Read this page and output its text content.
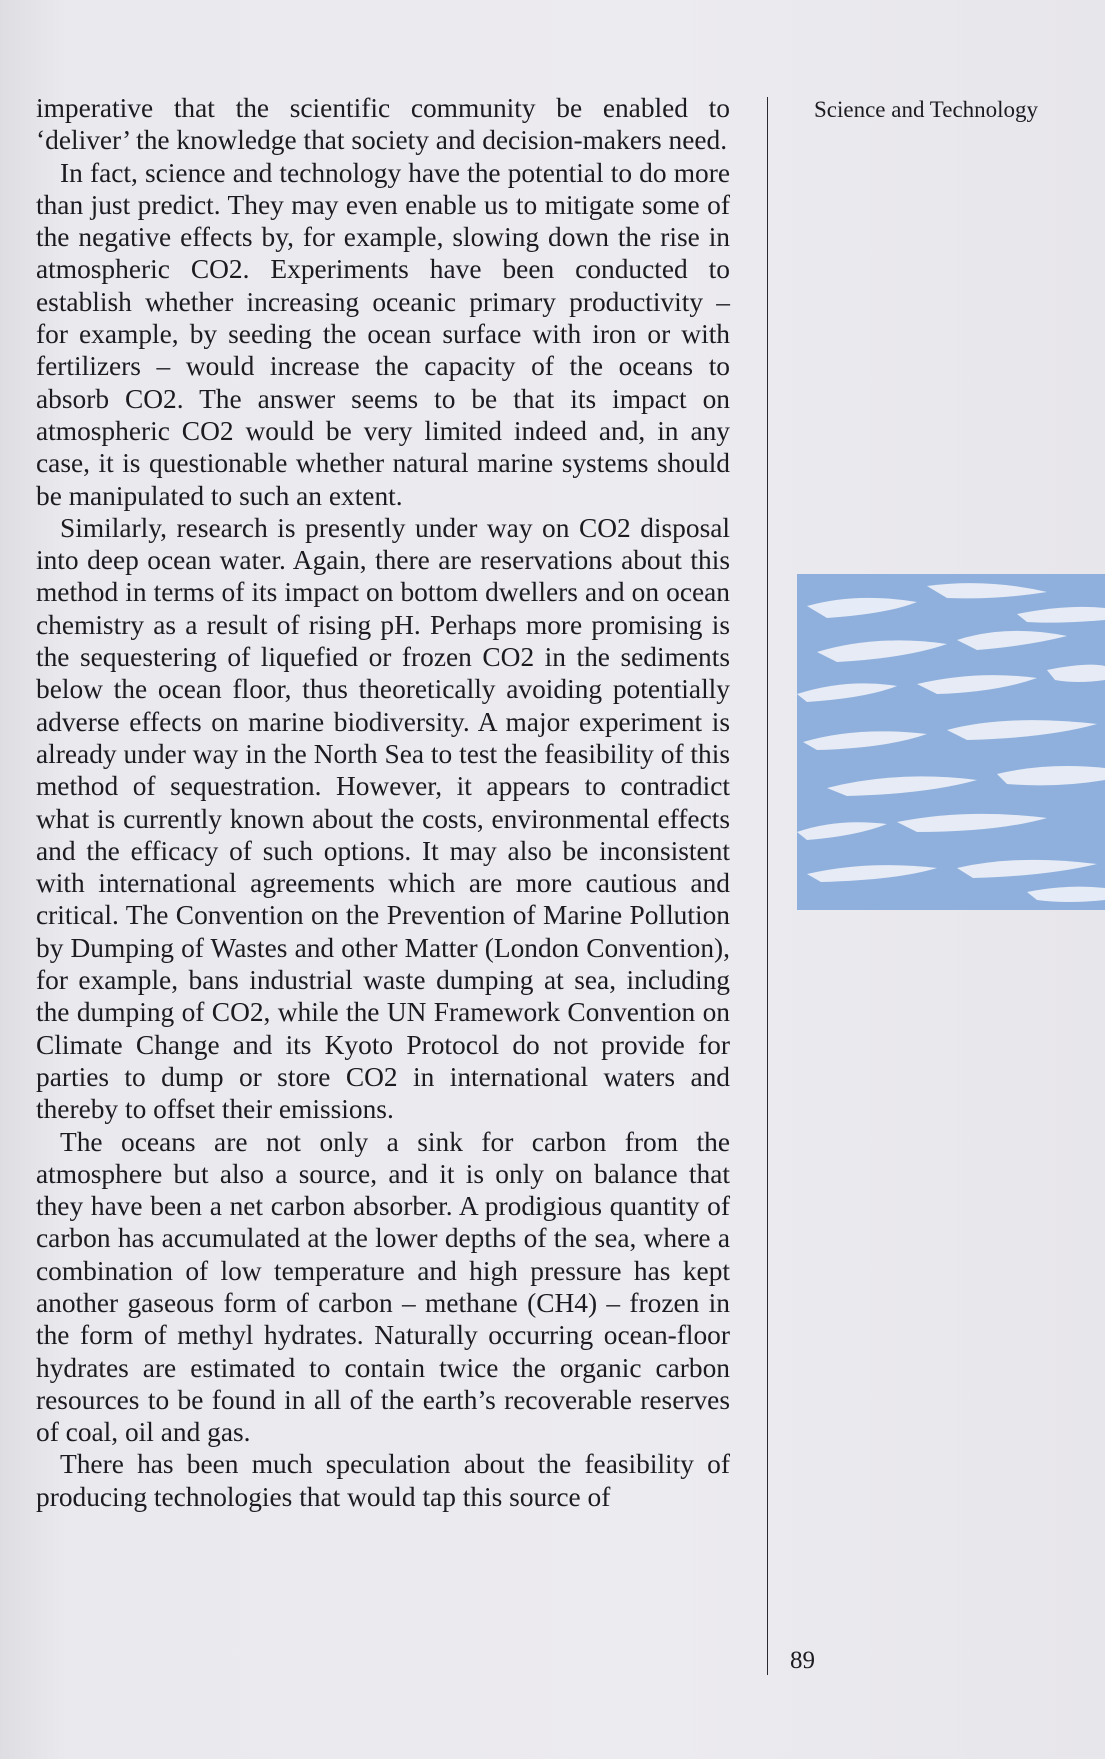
imperative that the scientific community be enabled to ‘deliver’ the knowledge that society and decision-makers need.

In fact, science and technology have the potential to do more than just predict. They may even enable us to mitigate some of the negative effects by, for example, slowing down the rise in atmospheric CO2. Experiments have been conducted to establish whether increasing oceanic primary productivity – for example, by seeding the ocean surface with iron or with fertilizers – would increase the capacity of the oceans to absorb CO2. The answer seems to be that its impact on atmospheric CO2 would be very limited indeed and, in any case, it is questionable whether natural marine systems should be manipulated to such an extent.

Similarly, research is presently under way on CO2 disposal into deep ocean water. Again, there are reservations about this method in terms of its impact on bottom dwellers and on ocean chemistry as a result of rising pH. Perhaps more promising is the sequestering of liquefied or frozen CO2 in the sediments below the ocean floor, thus theoretically avoiding potentially adverse effects on marine biodiversity. A major experiment is already under way in the North Sea to test the feasibility of this method of sequestration. However, it appears to contradict what is currently known about the costs, environmental effects and the efficacy of such options. It may also be inconsistent with international agreements which are more cautious and critical. The Convention on the Prevention of Marine Pollution by Dumping of Wastes and other Matter (London Convention), for example, bans industrial waste dumping at sea, including the dumping of CO2, while the UN Framework Convention on Climate Change and its Kyoto Protocol do not provide for parties to dump or store CO2 in international waters and thereby to offset their emissions.

The oceans are not only a sink for carbon from the atmosphere but also a source, and it is only on balance that they have been a net carbon absorber. A prodigious quantity of carbon has accumulated at the lower depths of the sea, where a combination of low temperature and high pressure has kept another gaseous form of carbon – methane (CH4) – frozen in the form of methyl hydrates. Naturally occurring ocean-floor hydrates are estimated to contain twice the organic carbon resources to be found in all of the earth’s recoverable reserves of coal, oil and gas.

There has been much speculation about the feasibility of producing technologies that would tap this source of

Science and Technology
89
